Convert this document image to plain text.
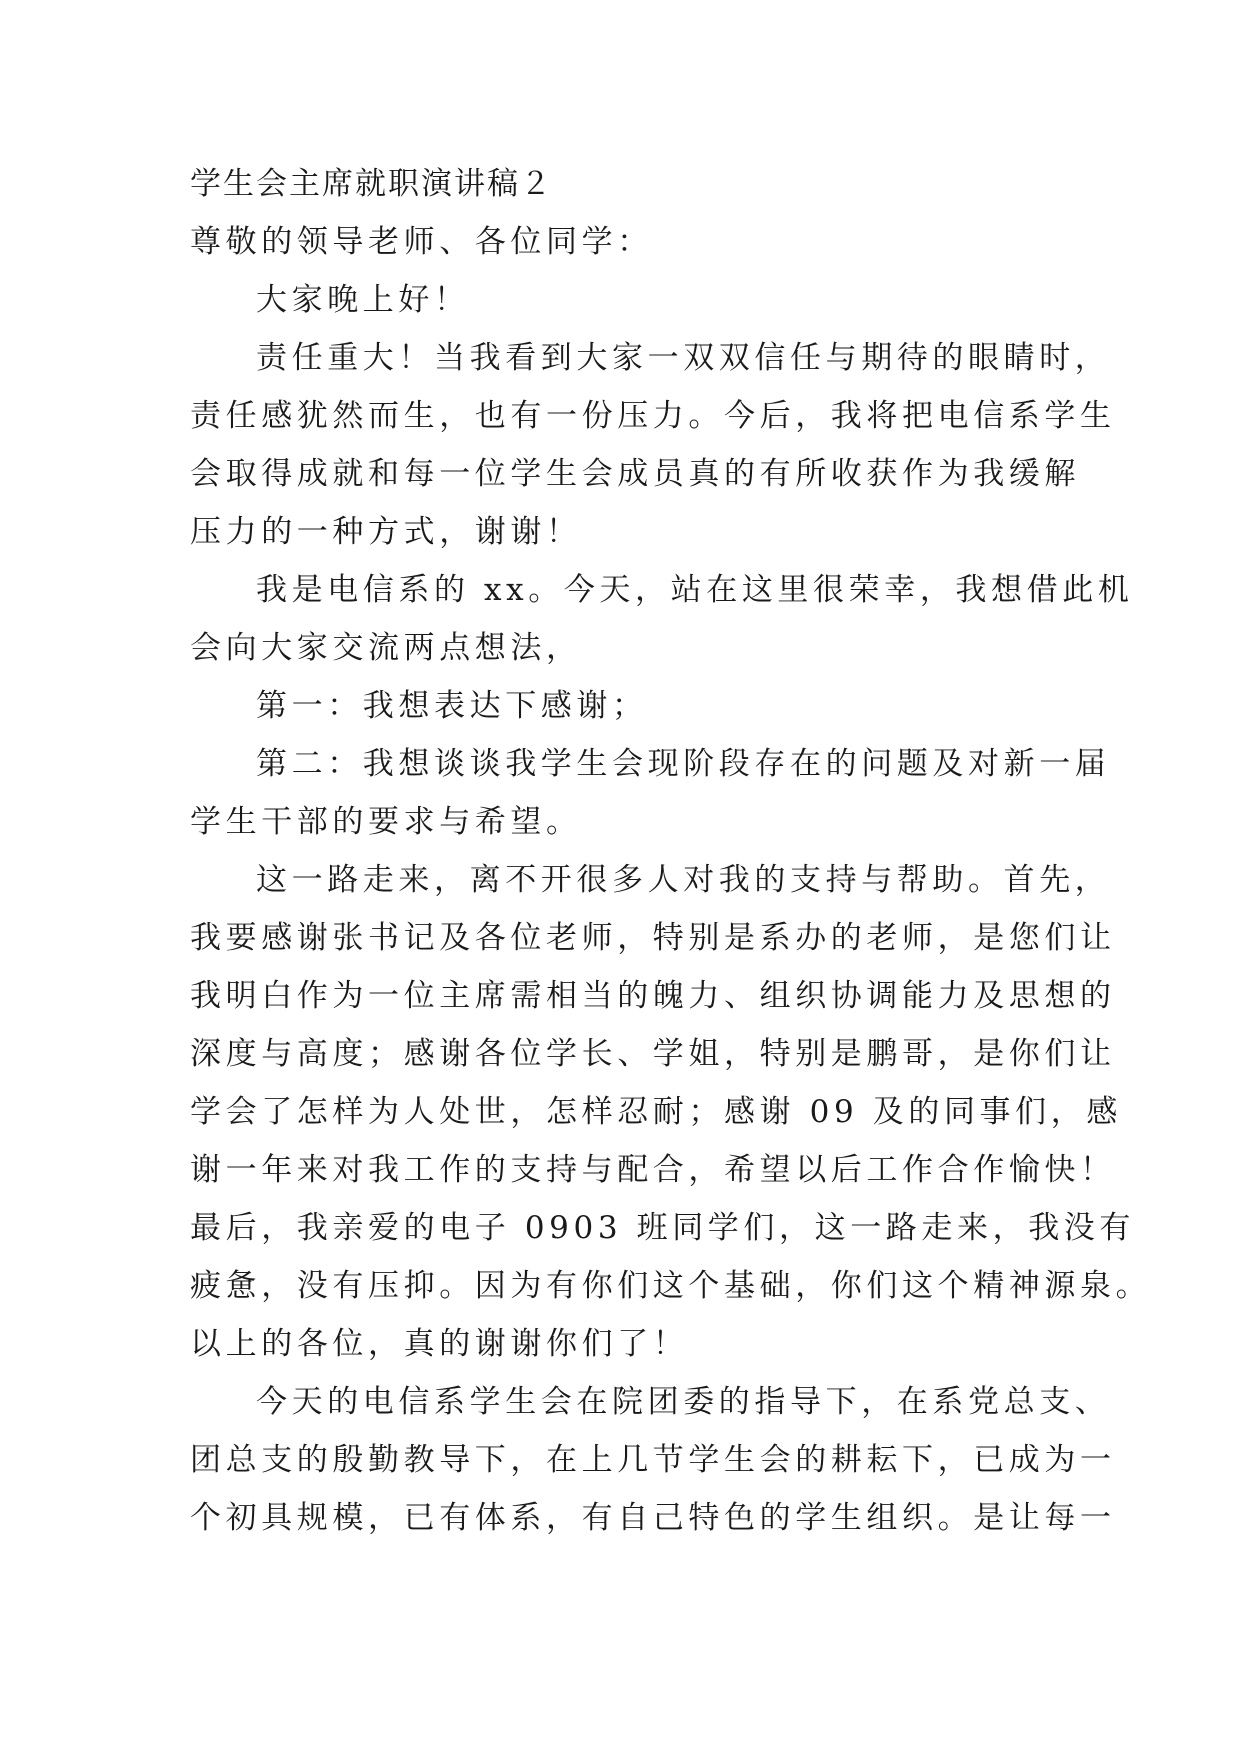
学生会主席就职演讲稿２
尊敬的领导老师、各位同学：
大家晚上好！
责任重大！当我看到大家一双双信任与期待的眼睛时，
责任感犹然而生，也有一份压力。今后，我将把电信系学生
会取得成就和每一位学生会成员真的有所收获作为我缓解
压力的一种方式，谢谢！
我是电信系的 xx。今天，站在这里很荣幸，我想借此机
会向大家交流两点想法，
第一：我想表达下感谢；
第二：我想谈谈我学生会现阶段存在的问题及对新一届
学生干部的要求与希望。
这一路走来，离不开很多人对我的支持与帮助。首先，
我要感谢张书记及各位老师，特别是系办的老师，是您们让
我明白作为一位主席需相当的魄力、组织协调能力及思想的
深度与高度；感谢各位学长、学姐，特别是鹏哥，是你们让
学会了怎样为人处世，怎样忍耐；感谢 09 及的同事们，感
谢一年来对我工作的支持与配合，希望以后工作合作愉快！
最后，我亲爱的电子 0903 班同学们，这一路走来，我没有
疲惫，没有压抑。因为有你们这个基础，你们这个精神源泉。
以上的各位，真的谢谢你们了！
今天的电信系学生会在院团委的指导下，在系党总支、
团总支的殷勤教导下，在上几节学生会的耕耘下，已成为一
个初具规模，已有体系，有自己特色的学生组织。是让每一
